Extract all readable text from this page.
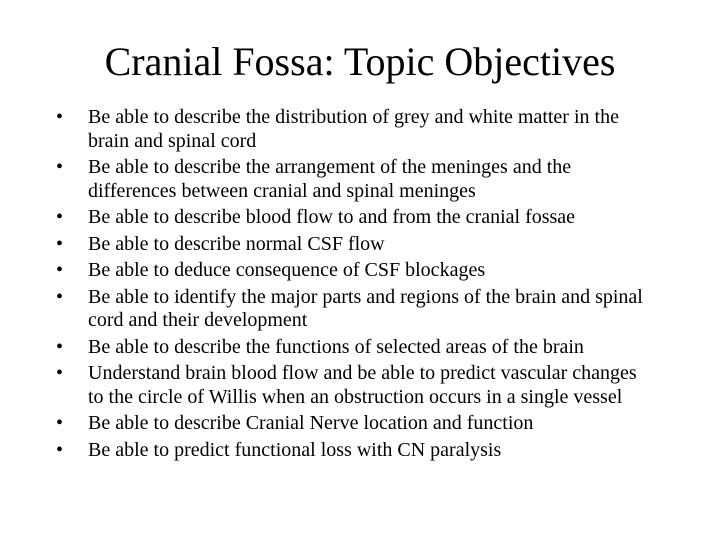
Cranial Fossa: Topic Objectives
• Be able to describe the distribution of grey and white matter in the brain and spinal cord
• Be able to describe the arrangement of the meninges and the differences between cranial and spinal meninges
• Be able to describe blood flow to and from the cranial fossae
• Be able to describe normal CSF flow
• Be able to deduce consequence of CSF blockages
• Be able to identify the major parts and regions of the brain and spinal cord and their development
• Be able to describe the functions of selected areas of the brain
• Understand brain blood flow and be able to predict vascular changes to the circle of Willis when an obstruction occurs in a single vessel
• Be able to describe Cranial Nerve location and function
• Be able to predict functional loss with CN paralysis
